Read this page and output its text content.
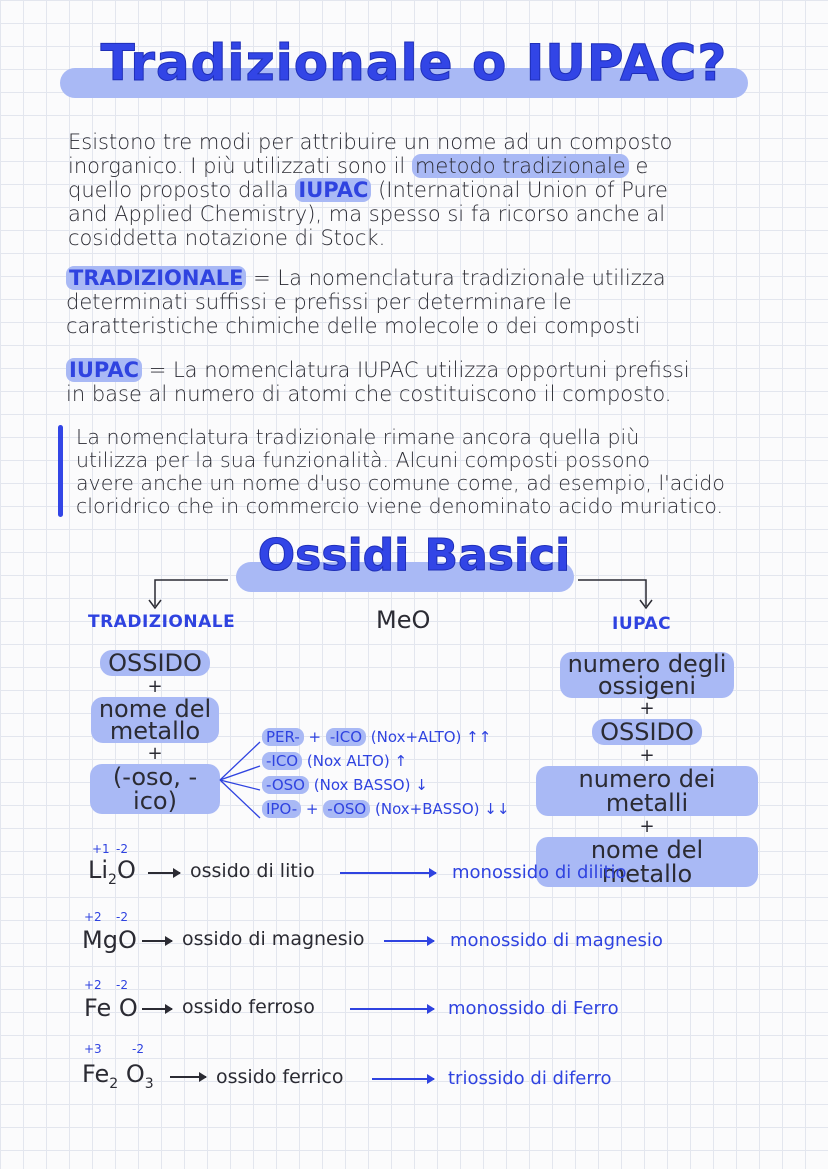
Tradizionale o IUPAC?
Esistono tre modi per attribuire un nome ad un composto
inorganico. I più utilizzati sono il metodo tradizionale e
quello proposto dalla IUPAC (International Union of Pure
and Applied Chemistry), ma spesso si fa ricorso anche al
cosiddetta notazione di Stock.
TRADIZIONALE = La nomenclatura tradizionale utilizza
determinati suffissi e prefissi per determinare le
caratteristiche chimiche delle molecole o dei composti
IUPAC = La nomenclatura IUPAC utilizza opportuni prefissi
in base al numero di atomi che costituiscono il composto.
La nomenclatura tradizionale rimane ancora quella più
utilizza per la sua funzionalità. Alcuni composti possono
avere anche un nome d'uso comune come, ad esempio, l'acido
cloridrico che in commercio viene denominato acido muriatico.
Ossidi Basici
TRADIZIONALE	MeO	IUPAC
OSSIDO
+
nome del
metallo
+
(-oso, -ico)
PER- + -ICO (Nox+ALTO) ↑↑
-ICO (Nox ALTO) ↑
-OSO (Nox BASSO) ↓
IPO- + -OSO (Nox+BASSO) ↓↓
numero degli
ossigeni
+
OSSIDO
+
numero dei metalli
+
nome del metallo
+1 -2
$Li_2O$	ossido di litio	monossido di dilitio
+2 -2
MgO ossido di magnesio	monossido di magnesio
+2 -2
Fe O ossido ferroso	monossido di Ferro
+3	-2
$Fe_2$ $O_3$	ossido ferrico	triossido di diferro
